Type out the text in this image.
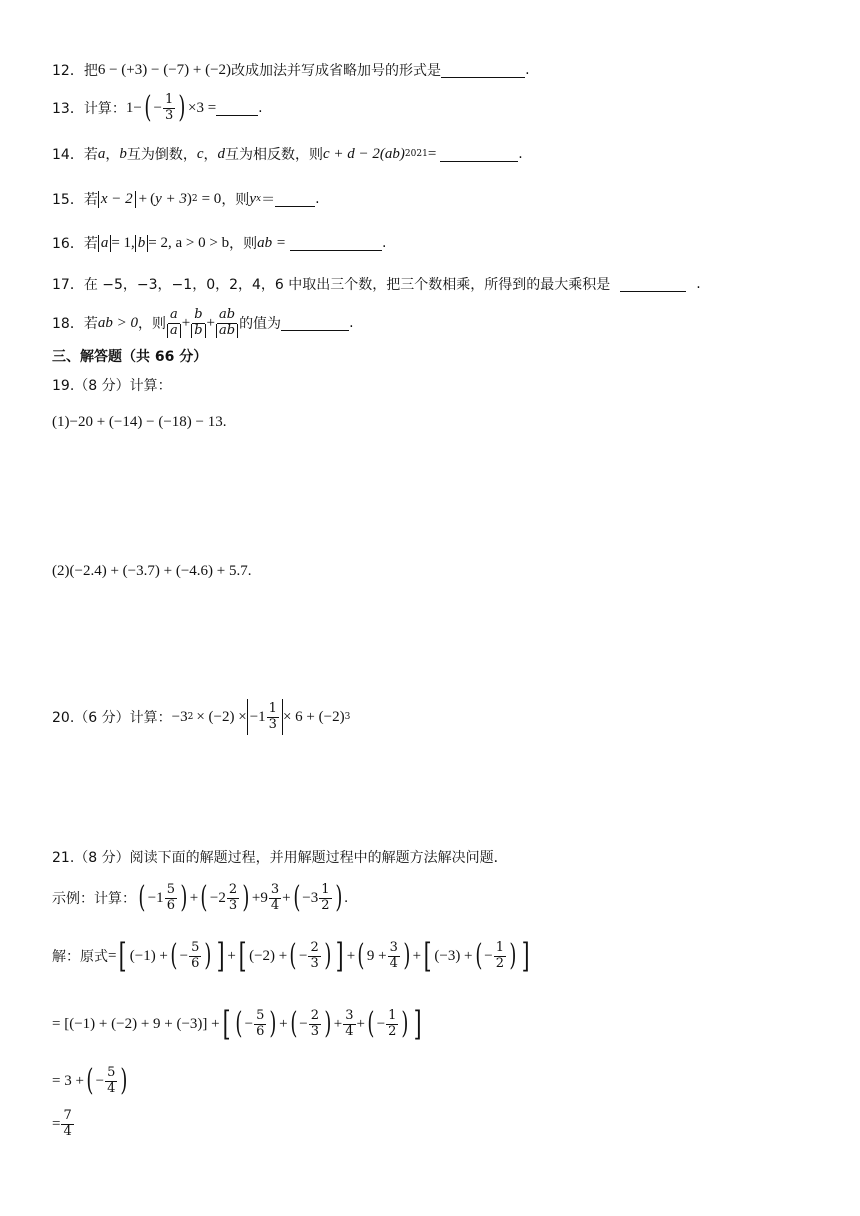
12． 把 6 − (+3) − (−7) + (−2) 改成加法并写成省略加号的形式是	.
13． 计算： 1− ( − $\frac{1}{3}$ ) ×3 =	.
14． 若 a ， b 互为倒数， c ， d 互为相反数，则 c + d − 2(ab) 2021 =	.
15． 若 x − 2 + ( y + 3 ) 2 = 0 ，则 y x ＝	.
16． 若 a = 1, b = 2, a > 0 > b ，则 ab =	.
17． 在 −5，−3，−1，0，2，4，6 中取出三个数，把三个数相乘，所得到的最大乘积是	.
18． 若 ab > 0 ，则 $\frac{a}{a} + \frac{b}{b} + \frac{ab}{ab}$ 的值为	.
三、解答题（共 66 分）
19.（8 分）计算：
(1) −20 + (−14) − (−18) − 13 .
(2) (−2.4) + (−3.7) + (−4.6) + 5.7 .
20.（6 分）计算： −3 $2 \times (-2) \times -1 \frac{1}{3} \times 6 + (-2)$ 3
21.（8 分）阅读下面的解题过程，并用解题过程中的解题方法解决问题．
示例：计算： ( $-1 \frac{5}{6}$ ) + ( $-2 \frac{2}{3}$ ) + $9 \frac{3}{4}$ + ( $-3 \frac{1}{2}$ ) .
解：原式 = [ (−1) + ( − $\frac{5}{6}$ ) ] + [ (−2) + ( − $\frac{2}{3}$ ) ] + ( $9 + \frac{3}{4}$ ) + [ (−3) + ( − $\frac{1}{2}$ ) ]
= [(−1) + (−2) + 9 + (−3)] + [ ( − $\frac{5}{6}$ ) + ( − $\frac{2}{3}$ ) + $\frac{3}{4}$ + ( − $\frac{1}{2}$ ) ]
= 3 + ( − $\frac{5}{4}$ )
= $\frac{7}{4}$
